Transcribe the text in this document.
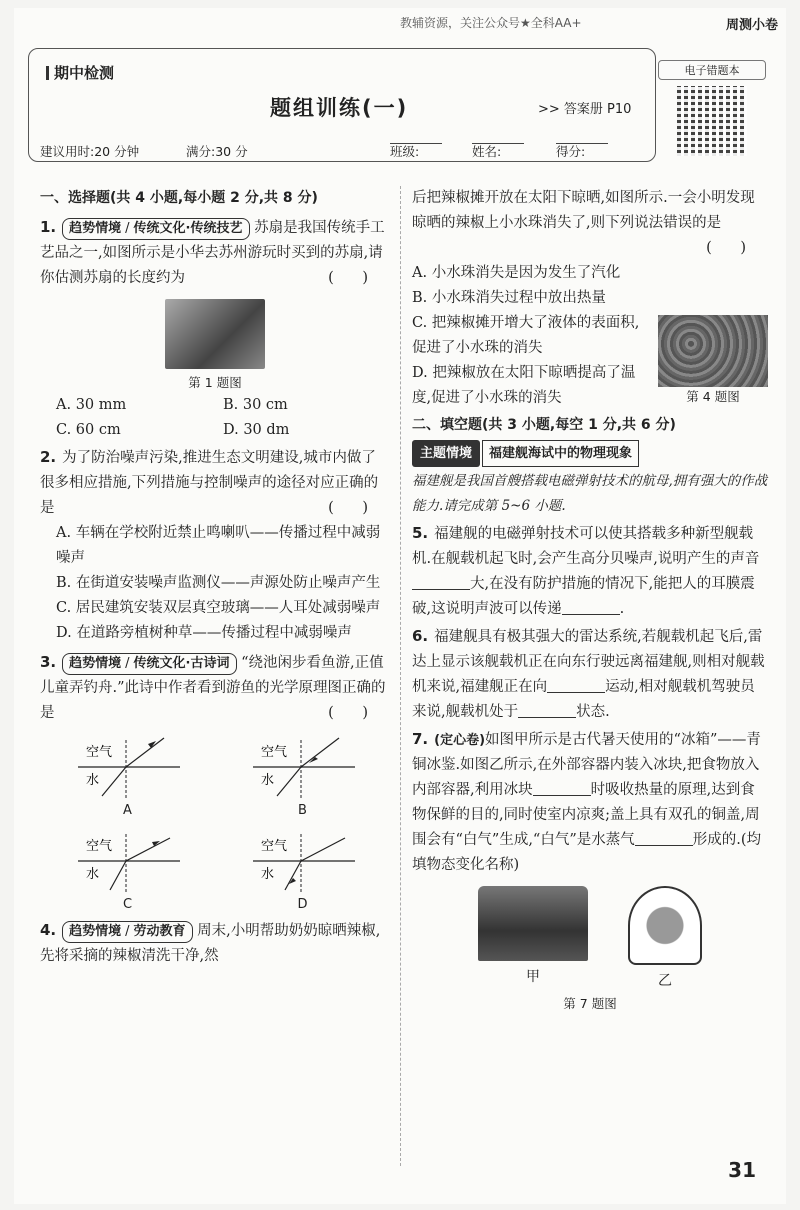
教辅资源，关注公众号★全科AA+	周测小卷
期中检测
题组训练(一)	>> 答案册 P10
建议用时:20 分钟	满分:30 分	班级:	姓名:	得分:
电子错题本
一、选择题(共 4 小题,每小题 2 分,共 8 分)
1. 趋势情境 / 传统文化·传统技艺 苏扇是我国传统手工艺品之一,如图所示是小华去苏州游玩时买到的苏扇,请你估测苏扇的长度约为	( )
第 1 题图
A. 30 mm	B. 30 cm
C. 60 cm	D. 30 dm
2. 为了防治噪声污染,推进生态文明建设,城市内做了很多相应措施,下列措施与控制噪声的途径对应正确的是	( )
A. 车辆在学校附近禁止鸣喇叭——传播过程中减弱噪声
B. 在街道安装噪声监测仪——声源处防止噪声产生
C. 居民建筑安装双层真空玻璃——人耳处减弱噪声
D. 在道路旁植树种草——传播过程中减弱噪声
3. 趋势情境 / 传统文化·古诗词 “绕池闲步看鱼游,正值儿童弄钓舟.”此诗中作者看到游鱼的光学原理图正确的是	( )
空气
水
A
空气
水
B
空气
水
C
空气
水
D
4. 趋势情境 / 劳动教育 周末,小明帮助奶奶晾晒辣椒,先将采摘的辣椒清洗干净,然
后把辣椒摊开放在太阳下晾晒,如图所示.一会小明发现晾晒的辣椒上小水珠消失了,则下列说法错误的是
( )
A. 小水珠消失是因为发生了汽化
B. 小水珠消失过程中放出热量
第 4 题图
C. 把辣椒摊开增大了液体的表面积,促进了小水珠的消失
D. 把辣椒放在太阳下晾晒提高了温度,促进了小水珠的消失
二、填空题(共 3 小题,每空 1 分,共 6 分)
主题情境	福建舰海试中的物理现象
福建舰是我国首艘搭载电磁弹射技术的航母,拥有强大的作战能力.请完成第 5~6 小题.
5. 福建舰的电磁弹射技术可以使其搭载多种新型舰载机.在舰载机起飞时,会产生高分贝噪声,说明产生的声音大,在没有防护措施的情况下,能把人的耳膜震破,这说明声波可以传递	.
6. 福建舰具有极其强大的雷达系统,若舰载机起飞后,雷达上显示该舰载机正在向东行驶远离福建舰,则相对舰载机来说,福建舰正在向	运动,相对舰载机驾驶员来说,舰载机处于	状态.
7. (定心卷)如图甲所示是古代暑天使用的“冰箱”——青铜冰鉴.如图乙所示,在外部容器内装入冰块,把食物放入内部容器,利用冰块	时吸收热量的原理,达到食物保鲜的目的,同时使室内凉爽;盖上具有双孔的铜盖,周围会有“白气”生成,“白气”是水蒸气	形成的.(均填物态变化名称)
甲	乙
第 7 题图
31
